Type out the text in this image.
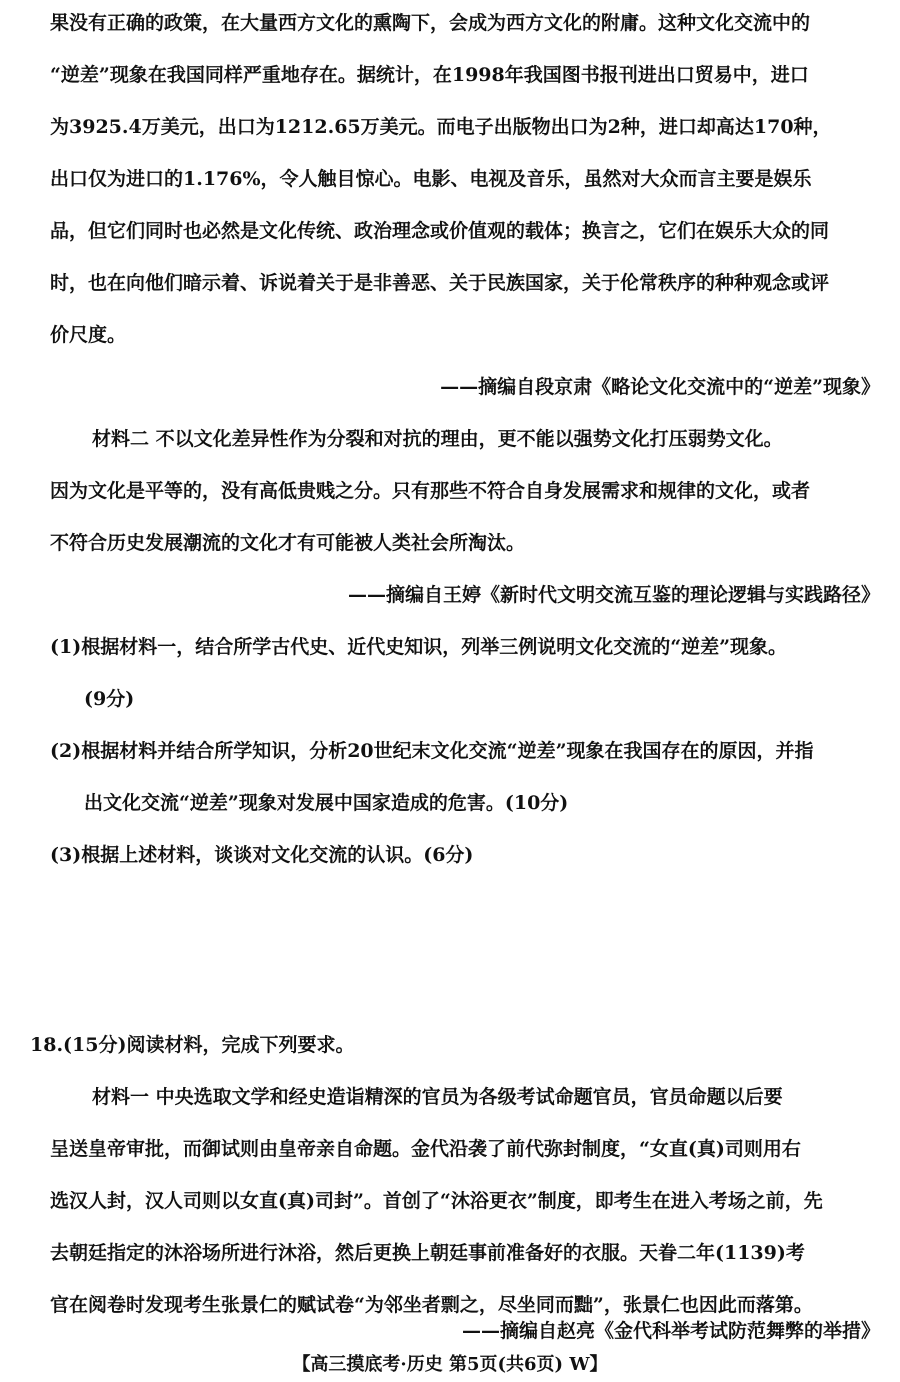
果没有正确的政策，在大量西方文化的熏陶下，会成为西方文化的附庸。这种文化交流中的
“逆差”现象在我国同样严重地存在。据统计，在1998年我国图书报刊进出口贸易中，进口
为3925.4万美元，出口为1212.65万美元。而电子出版物出口为2种，进口却高达170种，
出口仅为进口的1.176%，令人触目惊心。电影、电视及音乐，虽然对大众而言主要是娱乐
品，但它们同时也必然是文化传统、政治理念或价值观的载体；换言之，它们在娱乐大众的同
时，也在向他们暗示着、诉说着关于是非善恶、关于民族国家，关于伦常秩序的种种观念或评
价尺度。
——摘编自段京肃《略论文化交流中的“逆差”现象》
材料二 不以文化差异性作为分裂和对抗的理由，更不能以强势文化打压弱势文化。
因为文化是平等的，没有高低贵贱之分。只有那些不符合自身发展需求和规律的文化，或者
不符合历史发展潮流的文化才有可能被人类社会所淘汰。
——摘编自王婷《新时代文明交流互鉴的理论逻辑与实践路径》
(1)根据材料一，结合所学古代史、近代史知识，列举三例说明文化交流的“逆差”现象。
(9分)
(2)根据材料并结合所学知识，分析20世纪末文化交流“逆差”现象在我国存在的原因，并指
出文化交流“逆差”现象对发展中国家造成的危害。(10分)
(3)根据上述材料，谈谈对文化交流的认识。(6分)
18.(15分)阅读材料，完成下列要求。
材料一 中央选取文学和经史造诣精深的官员为各级考试命题官员，官员命题以后要
呈送皇帝审批，而御试则由皇帝亲自命题。金代沿袭了前代弥封制度，“女直(真)司则用右
选汉人封，汉人司则以女直(真)司封”。首创了“沐浴更衣”制度，即考生在进入考场之前，先
去朝廷指定的沐浴场所进行沐浴，然后更换上朝廷事前准备好的衣服。天眷二年(1139)考
官在阅卷时发现考生张景仁的赋试卷“为邻坐者剽之，尽坐同而黜”，张景仁也因此而落第。
——摘编自赵亮《金代科举考试防范舞弊的举措》
【高三摸底考·历史 第5页(共6页) W】
